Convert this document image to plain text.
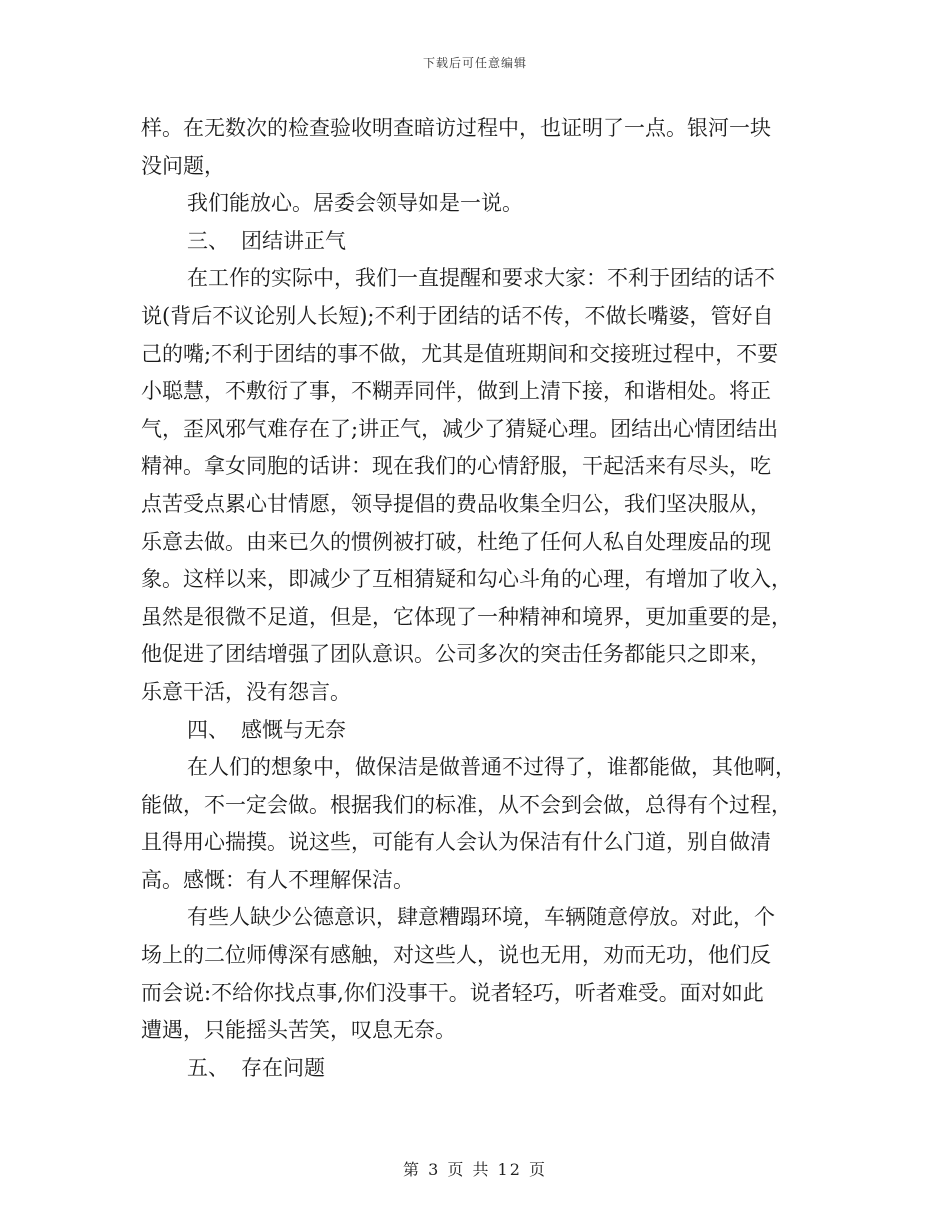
下载后可任意编辑
样。在无数次的检查验收明查暗访过程中，也证明了一点。银河一块
没问题，
我们能放心。居委会领导如是一说。
三、 团结讲正气
在工作的实际中，我们一直提醒和要求大家：不利于团结的话不
说(背后不议论别人长短);不利于团结的话不传，不做长嘴婆，管好自
己的嘴;不利于团结的事不做，尤其是值班期间和交接班过程中，不要
小聪慧，不敷衍了事，不糊弄同伴，做到上清下接，和谐相处。将正
气，歪风邪气难存在了;讲正气，减少了猜疑心理。团结出心情团结出
精神。拿女同胞的话讲：现在我们的心情舒服，干起活来有尽头，吃
点苦受点累心甘情愿，领导提倡的费品收集全归公，我们坚决服从，
乐意去做。由来已久的惯例被打破，杜绝了任何人私自处理废品的现
象。这样以来，即减少了互相猜疑和勾心斗角的心理，有增加了收入，
虽然是很微不足道，但是，它体现了一种精神和境界，更加重要的是，
他促进了团结增强了团队意识。公司多次的突击任务都能只之即来，
乐意干活，没有怨言。
四、 感慨与无奈
在人们的想象中，做保洁是做普通不过得了，谁都能做，其他啊，
能做，不一定会做。根据我们的标准，从不会到会做，总得有个过程，
且得用心揣摸。说这些，可能有人会认为保洁有什么门道，别自做清
高。感慨：有人不理解保洁。
有些人缺少公德意识，肆意糟蹋环境，车辆随意停放。对此，个
场上的二位师傅深有感触，对这些人，说也无用，劝而无功，他们反
而会说:不给你找点事,你们没事干。说者轻巧，听者难受。面对如此
遭遇，只能摇头苦笑，叹息无奈。
五、 存在问题
第 3 页 共 12 页
